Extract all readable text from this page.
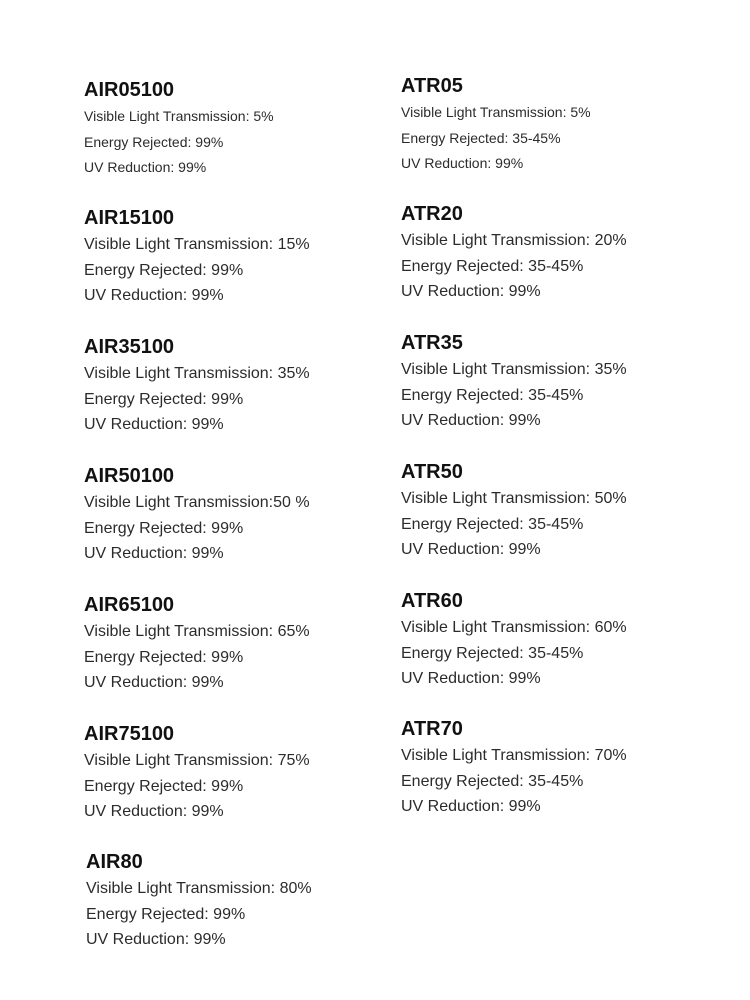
AIR05100
Visible Light Transmission: 5%
Energy Rejected: 99%
UV Reduction: 99%
AIR15100
Visible Light Transmission: 15%
Energy Rejected: 99%
UV Reduction: 99%
AIR35100
Visible Light Transmission: 35%
Energy Rejected: 99%
UV Reduction: 99%
AIR50100
Visible Light Transmission:50 %
Energy Rejected: 99%
UV Reduction: 99%
AIR65100
Visible Light Transmission: 65%
Energy Rejected: 99%
UV Reduction: 99%
AIR75100
Visible Light Transmission: 75%
Energy Rejected: 99%
UV Reduction: 99%
AIR80
Visible Light Transmission: 80%
Energy Rejected: 99%
UV Reduction: 99%
ATR05
Visible Light Transmission: 5%
Energy Rejected: 35-45%
UV Reduction: 99%
ATR20
Visible Light Transmission: 20%
Energy Rejected: 35-45%
UV Reduction: 99%
ATR35
Visible Light Transmission: 35%
Energy Rejected: 35-45%
UV Reduction: 99%
ATR50
Visible Light Transmission: 50%
Energy Rejected: 35-45%
UV Reduction: 99%
ATR60
Visible Light Transmission: 60%
Energy Rejected: 35-45%
UV Reduction: 99%
ATR70
Visible Light Transmission: 70%
Energy Rejected: 35-45%
UV Reduction: 99%
